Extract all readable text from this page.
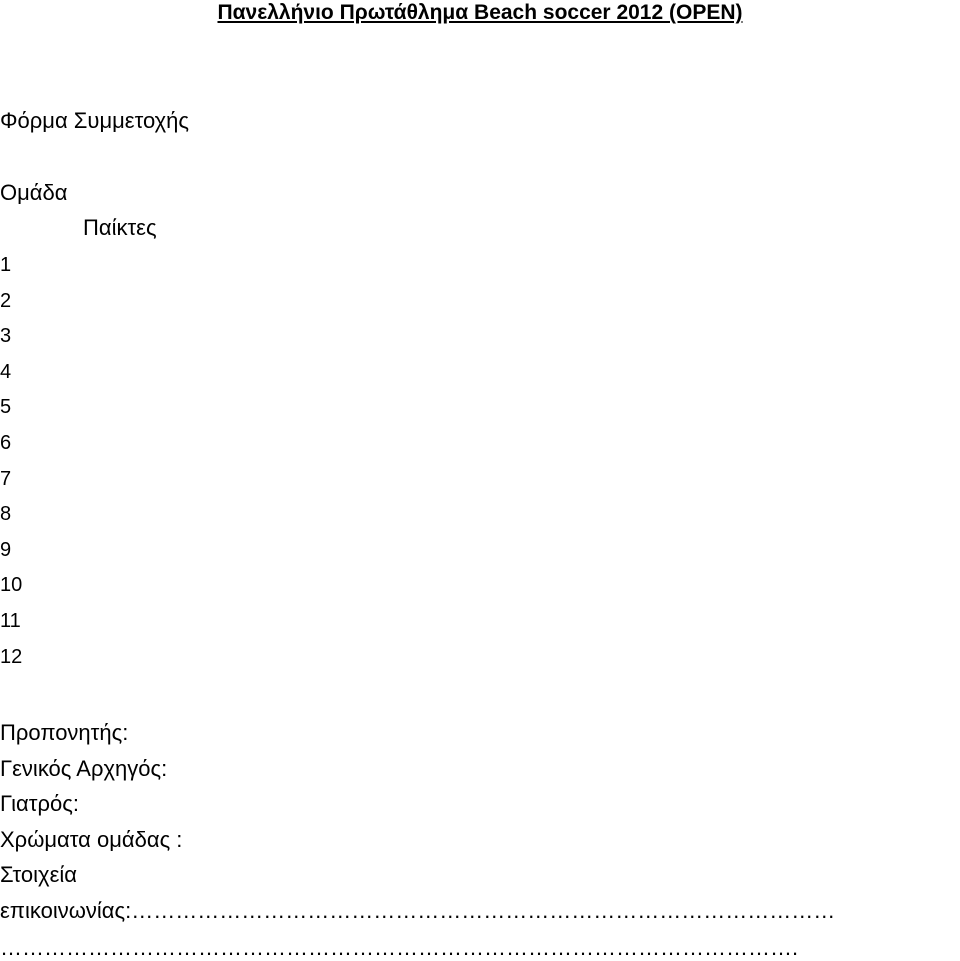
Πανελλήνιο Πρωτάθλημα Beach soccer 2012 (OPEN)
Φόρμα Συμμετοχής
Ομάδα
Παίκτες
1
2
3
4
5
6
7
8
9
10
11
12
Προπονητής:
Γενικός Αρχηγός:
Γιατρός:
Χρώματα ομάδας :
Στοιχεία
επικοινωνίας:……………………………………………………………………………………
……………………………………………………………………………………………….
